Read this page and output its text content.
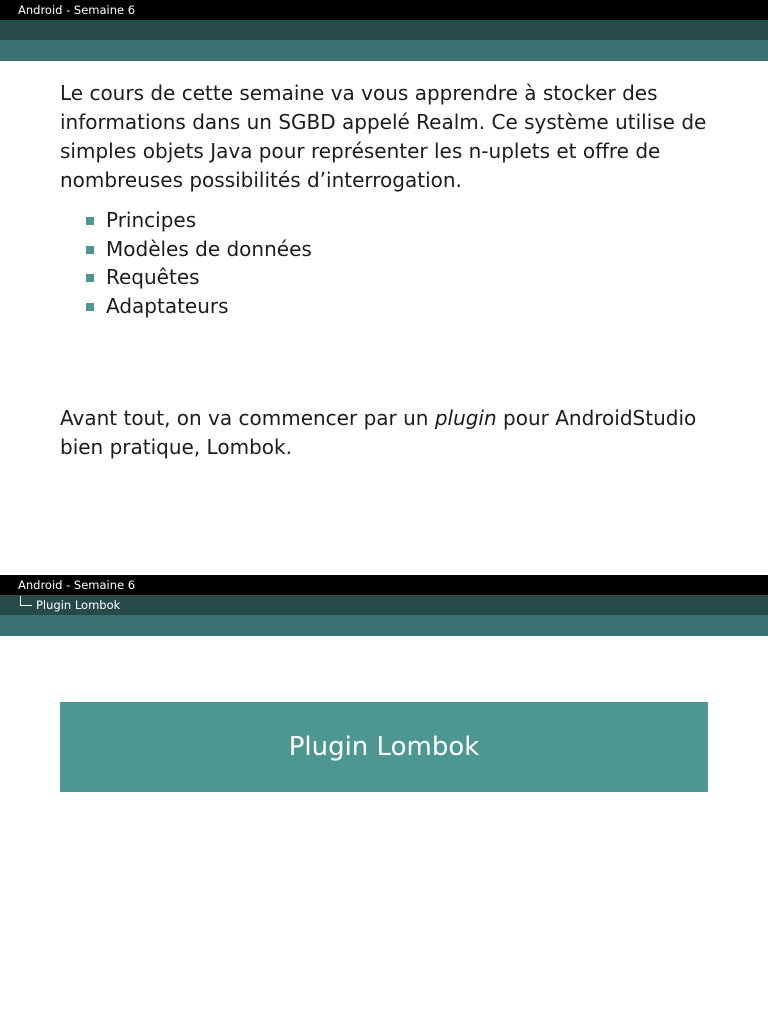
Android - Semaine 6
Le cours de cette semaine va vous apprendre à stocker des informations dans un SGBD appelé Realm. Ce système utilise de simples objets Java pour représenter les n-uplets et offre de nombreuses possibilités d’interrogation.
Principes
Modèles de données
Requêtes
Adaptateurs
Avant tout, on va commencer par un plugin pour AndroidStudio bien pratique, Lombok.
Android - Semaine 6
Plugin Lombok
Plugin Lombok
